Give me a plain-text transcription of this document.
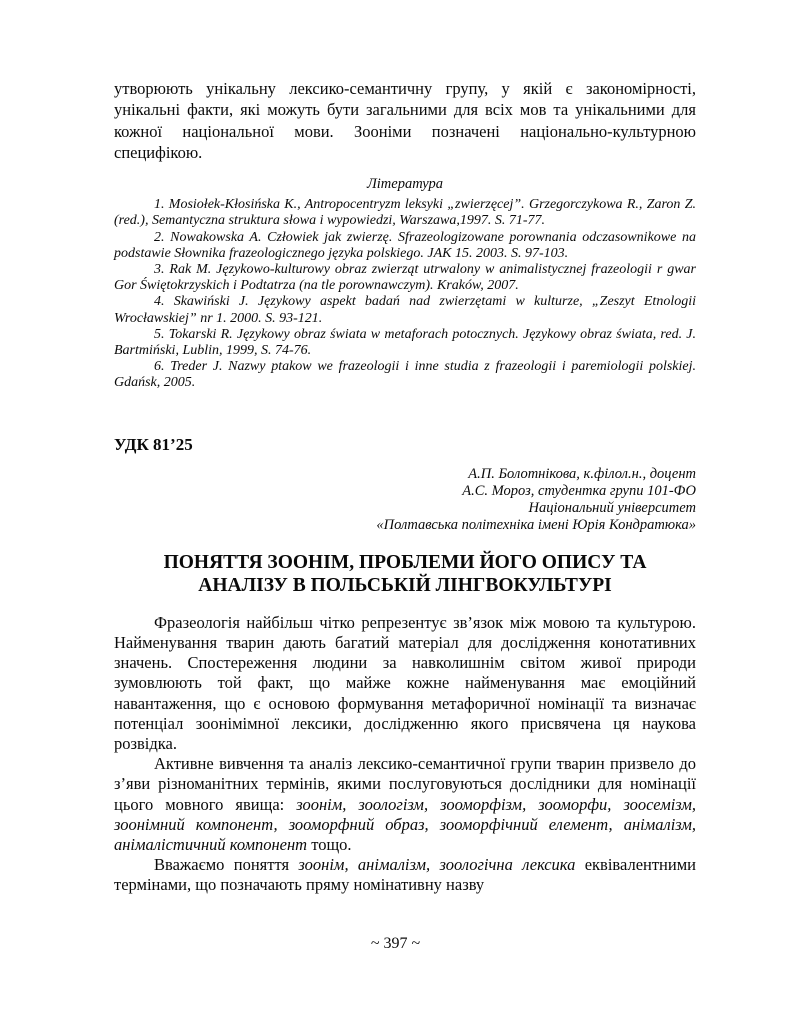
утворюють унікальну лексико-семантичну групу, у якій є закономірності, унікальні факти, які можуть бути загальними для всіх мов та унікальними для кожної національної мови. Зооніми позначені національно-культурною специфікою.

Література

1. Mosiołek-Kłosińska K., Antropocentryzm leksyki „zwierzęcej”. Grzegorczykowa R., Zaron Z. (red.), Semantyczna struktura słowa i wypowiedzi, Warszawa,1997. S. 71-77.

2. Nowakowska A. Człowiek jak zwierzę. Sfrazeologizowane porownania odczasownikowe na podstawie Słownika frazeologicznego języka polskiego. JAK 15. 2003. S. 97-103.

3. Rak M. Językowo-kulturowy obraz zwierząt utrwalony w animalistycznej frazeologii r gwar Gor Świętokrzyskich i Podtatrza (na tle porownawczym). Kraków, 2007.

4. Skawiński J. Językowy aspekt badań nad zwierzętami w kulturze, „Zeszyt Etnologii Wrocławskiej” nr 1. 2000. S. 93-121.

5. Tokarski R. Językowy obraz świata w metaforach potocznych. Językowy obraz świata, red. J. Bartmiński, Lublin, 1999, S. 74-76.

6. Treder J. Nazwy ptakow we frazeologii i inne studia z frazeologii i paremiologii polskiej. Gdańsk, 2005.

УДК 81’25
А.П. Болотнікова, к.філол.н., доцент
А.С. Мороз, студентка групи 101-ФО
Національний університет
«Полтавська політехніка імені Юрія Кондратюка»
ПОНЯТТЯ ЗООНІМ, ПРОБЛЕМИ ЙОГО ОПИСУ ТА АНАЛІЗУ В ПОЛЬСЬКІЙ ЛІНГВОКУЛЬТУРІ

Фразеологія найбільш чітко репрезентує зв’язок між мовою та культурою. Найменування тварин дають багатий матеріал для дослідження конотативних значень. Спостереження людини за навколишнім світом живої природи зумовлюють той факт, що майже кожне найменування має емоційний навантаження, що є основою формування метафоричної номінації та визначає потенціал зоонімімної лексики, дослідженню якого присвячена ця наукова розвідка.

Активне вивчення та аналіз лексико-семантичної групи тварин призвело до з’яви різноманітних термінів, якими послуговуються дослідники для номінації цього мовного явища: зоонім, зоологізм, зооморфізм, зооморфи, зоосемізм, зоонімний компонент, зооморфний образ, зооморфічний елемент, анімалізм, анімалістичний компонент тощо.

Вважаємо поняття зоонім, анімалізм, зоологічна лексика еквівалентними термінами, що позначають пряму номінативну назву

~ 397 ~
